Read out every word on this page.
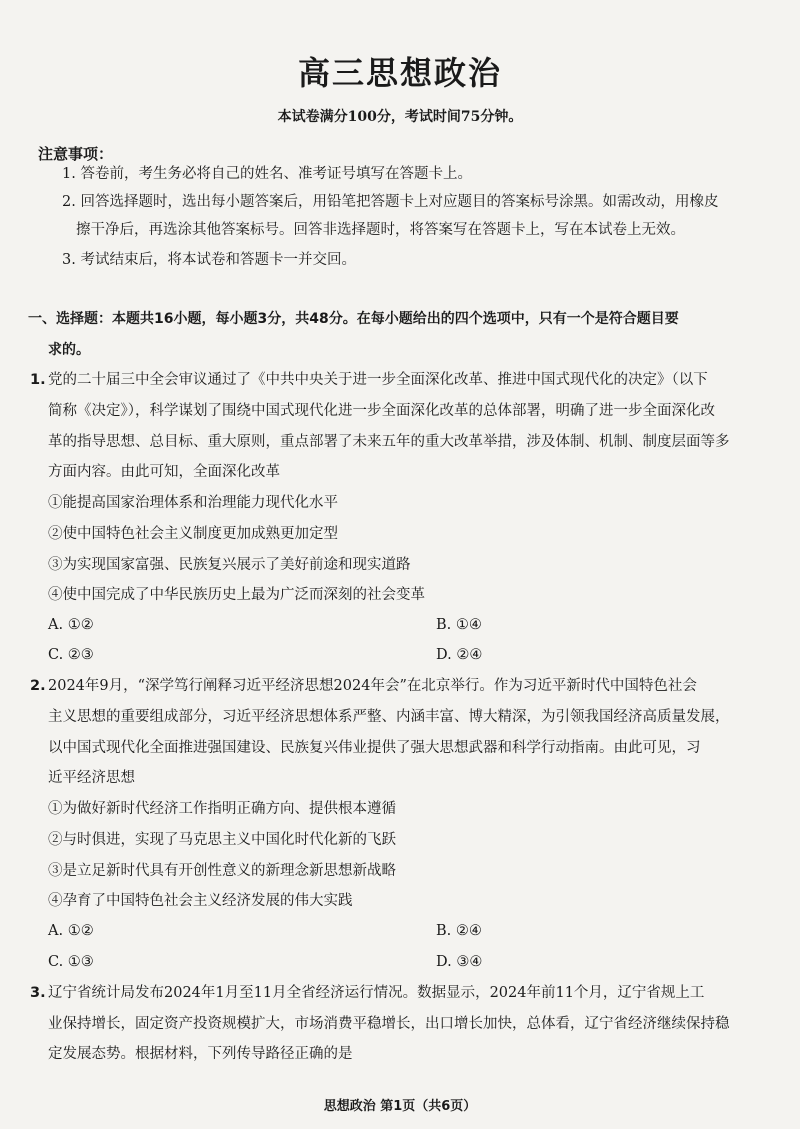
高三思想政治
本试卷满分100分，考试时间75分钟。
注意事项：
1. 答卷前，考生务必将自己的姓名、准考证号填写在答题卡上。
2. 回答选择题时，选出每小题答案后，用铅笔把答题卡上对应题目的答案标号涂黑。如需改动，用橡皮
擦干净后，再选涂其他答案标号。回答非选择题时，将答案写在答题卡上，写在本试卷上无效。
3. 考试结束后，将本试卷和答题卡一并交回。
一、选择题：本题共16小题，每小题3分，共48分。在每小题给出的四个选项中，只有一个是符合题目要
求的。
1. 党的二十届三中全会审议通过了《中共中央关于进一步全面深化改革、推进中国式现代化的决定》（以下
简称《决定》），科学谋划了围绕中国式现代化进一步全面深化改革的总体部署，明确了进一步全面深化改
革的指导思想、总目标、重大原则，重点部署了未来五年的重大改革举措，涉及体制、机制、制度层面等多
方面内容。由此可知，全面深化改革
①能提高国家治理体系和治理能力现代化水平
②使中国特色社会主义制度更加成熟更加定型
③为实现国家富强、民族复兴展示了美好前途和现实道路
④使中国完成了中华民族历史上最为广泛而深刻的社会变革
A. ①②	B. ①④
C. ②③	D. ②④
2. 2024年9月，“深学笃行阐释习近平经济思想2024年会”在北京举行。作为习近平新时代中国特色社会
主义思想的重要组成部分，习近平经济思想体系严整、内涵丰富、博大精深，为引领我国经济高质量发展，
以中国式现代化全面推进强国建设、民族复兴伟业提供了强大思想武器和科学行动指南。由此可见，习
近平经济思想
①为做好新时代经济工作指明正确方向、提供根本遵循
②与时俱进，实现了马克思主义中国化时代化新的飞跃
③是立足新时代具有开创性意义的新理念新思想新战略
④孕育了中国特色社会主义经济发展的伟大实践
A. ①②	B. ②④
C. ①③	D. ③④
3. 辽宁省统计局发布2024年1月至11月全省经济运行情况。数据显示，2024年前11个月，辽宁省规上工
业保持增长，固定资产投资规模扩大，市场消费平稳增长，出口增长加快，总体看，辽宁省经济继续保持稳
定发展态势。根据材料，下列传导路径正确的是
思想政治 第1页（共6页）
